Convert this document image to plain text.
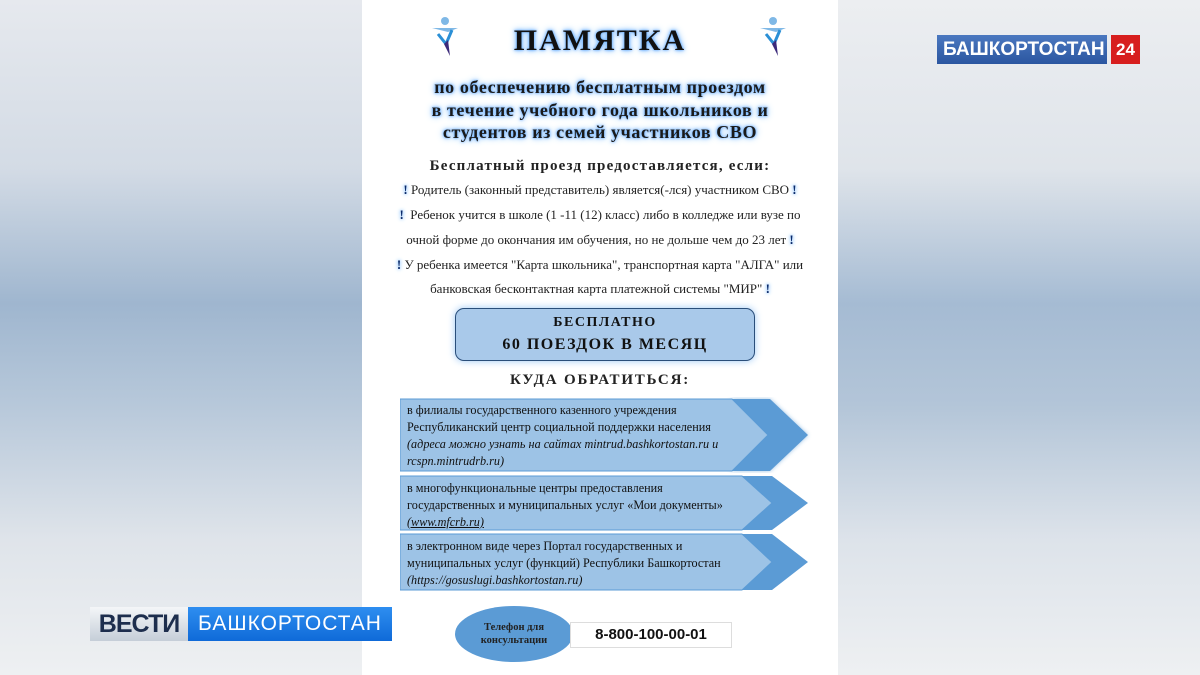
ПАМЯТКА
по обеспечению бесплатным проездом
в течение учебного года школьников и
студентов из семей участников СВО
Бесплатный проезд предоставляется, если:
! Родитель (законный представитель) является(-лся) участником СВО !
! Ребенок учится в школе (1 -11 (12) класс) либо в колледже или вузе по
очной форме до окончания им обучения, но не дольше чем до 23 лет !
! У ребенка имеется "Карта школьника", транспортная карта "АЛГА" или
банковская бесконтактная карта платежной системы "МИР" !
БЕСПЛАТНО
60 ПОЕЗДОК В МЕСЯЦ
КУДА ОБРАТИТЬСЯ:
в филиалы государственного казенного учреждения Республиканский центр социальной поддержки населения (адреса можно узнать на сайтах mintrud.bashkortostan.ru и rcspn.mintrudrb.ru)
в многофункциональные центры предоставления государственных и муниципальных услуг «Мои документы» (www.mfcrb.ru)
в электронном виде через Портал государственных и муниципальных услуг (функций) Республики Башкортостан (https://gosuslugi.bashkortostan.ru)
Телефон для консультации	8-800-100-00-01
БАШКОРТОСТАН 24
ВЕСТИ БАШКОРТОСТАН
